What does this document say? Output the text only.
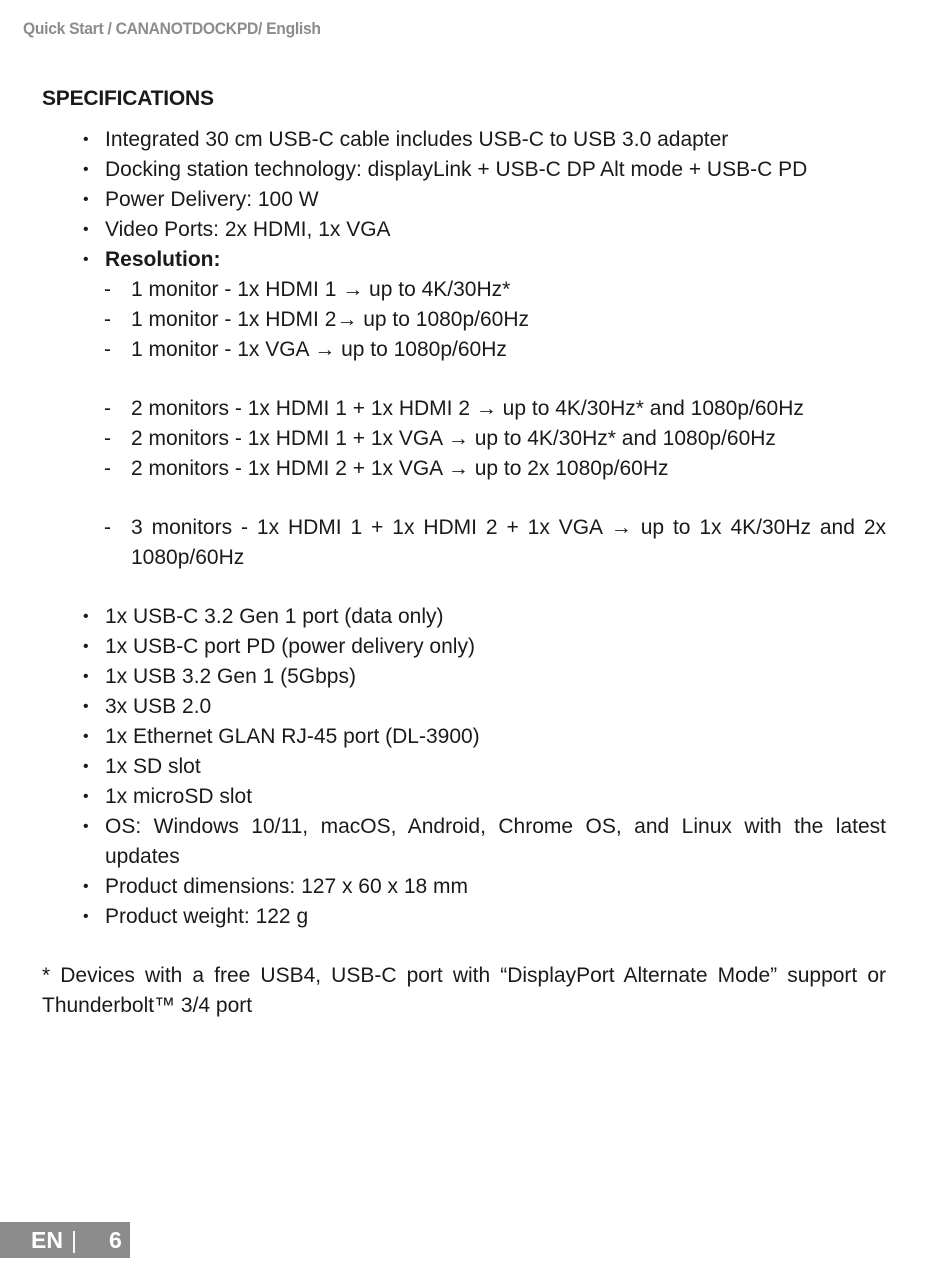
Quick Start / CANANOTDOCKPD/ English
SPECIFICATIONS
• Integrated 30 cm USB-C cable includes USB-C to USB 3.0 adapter
• Docking station technology: displayLink + USB-C DP Alt mode + USB-C PD
• Power Delivery: 100 W
• Video Ports: 2x HDMI, 1x VGA
• Resolution:
- 1 monitor - 1x HDMI 1 → up to 4K/30Hz*
- 1 monitor - 1x HDMI 2→ up to 1080p/60Hz
- 1 monitor - 1x VGA → up to 1080p/60Hz
- 2 monitors - 1x HDMI 1 + 1x HDMI 2 → up to 4K/30Hz* and 1080p/60Hz
- 2 monitors - 1x HDMI 1 + 1x VGA → up to 4K/30Hz* and 1080p/60Hz
- 2 monitors - 1x HDMI 2 + 1x VGA → up to 2x 1080p/60Hz
- 3 monitors - 1x HDMI 1 + 1x HDMI 2 + 1x VGA → up to 1x 4K/30Hz and 2x 1080p/60Hz
• 1x USB-C 3.2 Gen 1 port (data only)
• 1x USB-C port PD (power delivery only)
• 1x USB 3.2 Gen 1 (5Gbps)
• 3x USB 2.0
• 1x Ethernet GLAN RJ-45 port (DL-3900)
• 1x SD slot
• 1x microSD slot
• OS: Windows 10/11, macOS, Android, Chrome OS, and Linux with the latest updates
• Product dimensions: 127 x 60 x 18 mm
• Product weight: 122 g
* Devices with a free USB4, USB-C port with “DisplayPort Alternate Mode” support or Thunderbolt™ 3/4 port
EN | 6
